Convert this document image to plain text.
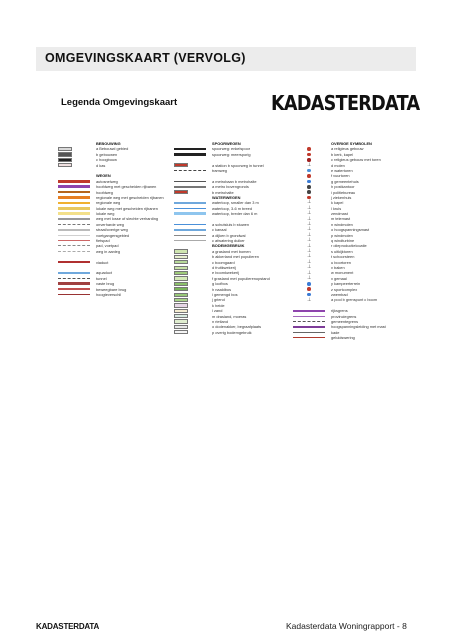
OMGEVINGSKAART (VERVOLG)
Legenda Omgevingskaart	KADASTERDATA
BEBOUWING
a Bebouwd gebied
b gebouwen
c hoogbouw
d kas
WEGEN
autosnelweg
hoofdweg met gescheiden rijbanen
hoofdweg
regionale weg met gescheiden rijbanen
regionale weg
lokale weg met gescheiden rijbanen
lokale weg
weg met losse of slechte verharding
onverharde weg
straat/overige weg
voetgangersgebied
fietspad
pad, voetpad
weg in aanleg
viaduct
aquaduct
tunnel
vaste brug
beweegbare brug
hoogteverschil
SPOORWEGEN
spoorweg: enkelspoor
spoorweg: meersporig
a station b spoorweg in tunnel
tramweg
a metrobaan b metrohalte
a metro bovengronds
b metrohalte
WATERWEGEN
waterloop, smaller dan 3 m
waterloop, 3-6 m breed
waterloop, breder dan 6 m
a schutsluis b stuwen
c kanaal
a dijken b grondwal
c afwatering duiker
BODEMGEBRUIK
a grasland met bomen
b akkerland met populieren
c boomgaard
d fruitkwekerij
e boomkwekerij
f grasland met populierenopstand
g loofbos
h naaldbos
i gemengd bos
j griend
k heide
l zand
m drasland, moeras
n rietland
o dodenakker, begraafplaats
p overig bodemgebruik
OVERIGE SYMBOLEN
a religieus gebouw
b kerk, kapel
c religieus gebouw met toren
⊥	d molen
e watertoren
f vuurtoren
g gemeentehuis
h postkantoor
i politiebureau
j ziekenhuis
⊥	k kapel
⊥	l kruis
⊥	zendmast
⊥	m telemast
⊥	n windmolen
⊥	o hoogspanningsmast
⊥	p windmolen
⊥	q windturbine
⊥	r olieproductielocatie
⊥	s uitkijktoren
⊥	t schoorsteen
⊥	u boortoren
⊥	v baken
⊥	w monument
⊥	x gemaal
y kampeerterrein
z sportcomplex
zwembad
⊥	a pool b grenspunt c boom
rijksgrens
provinciegrens
gemeentegrens
hoogspanningsleiding met mast
kade
geluidswering
KADASTERDATA	Kadasterdata Woningrapport - 8
